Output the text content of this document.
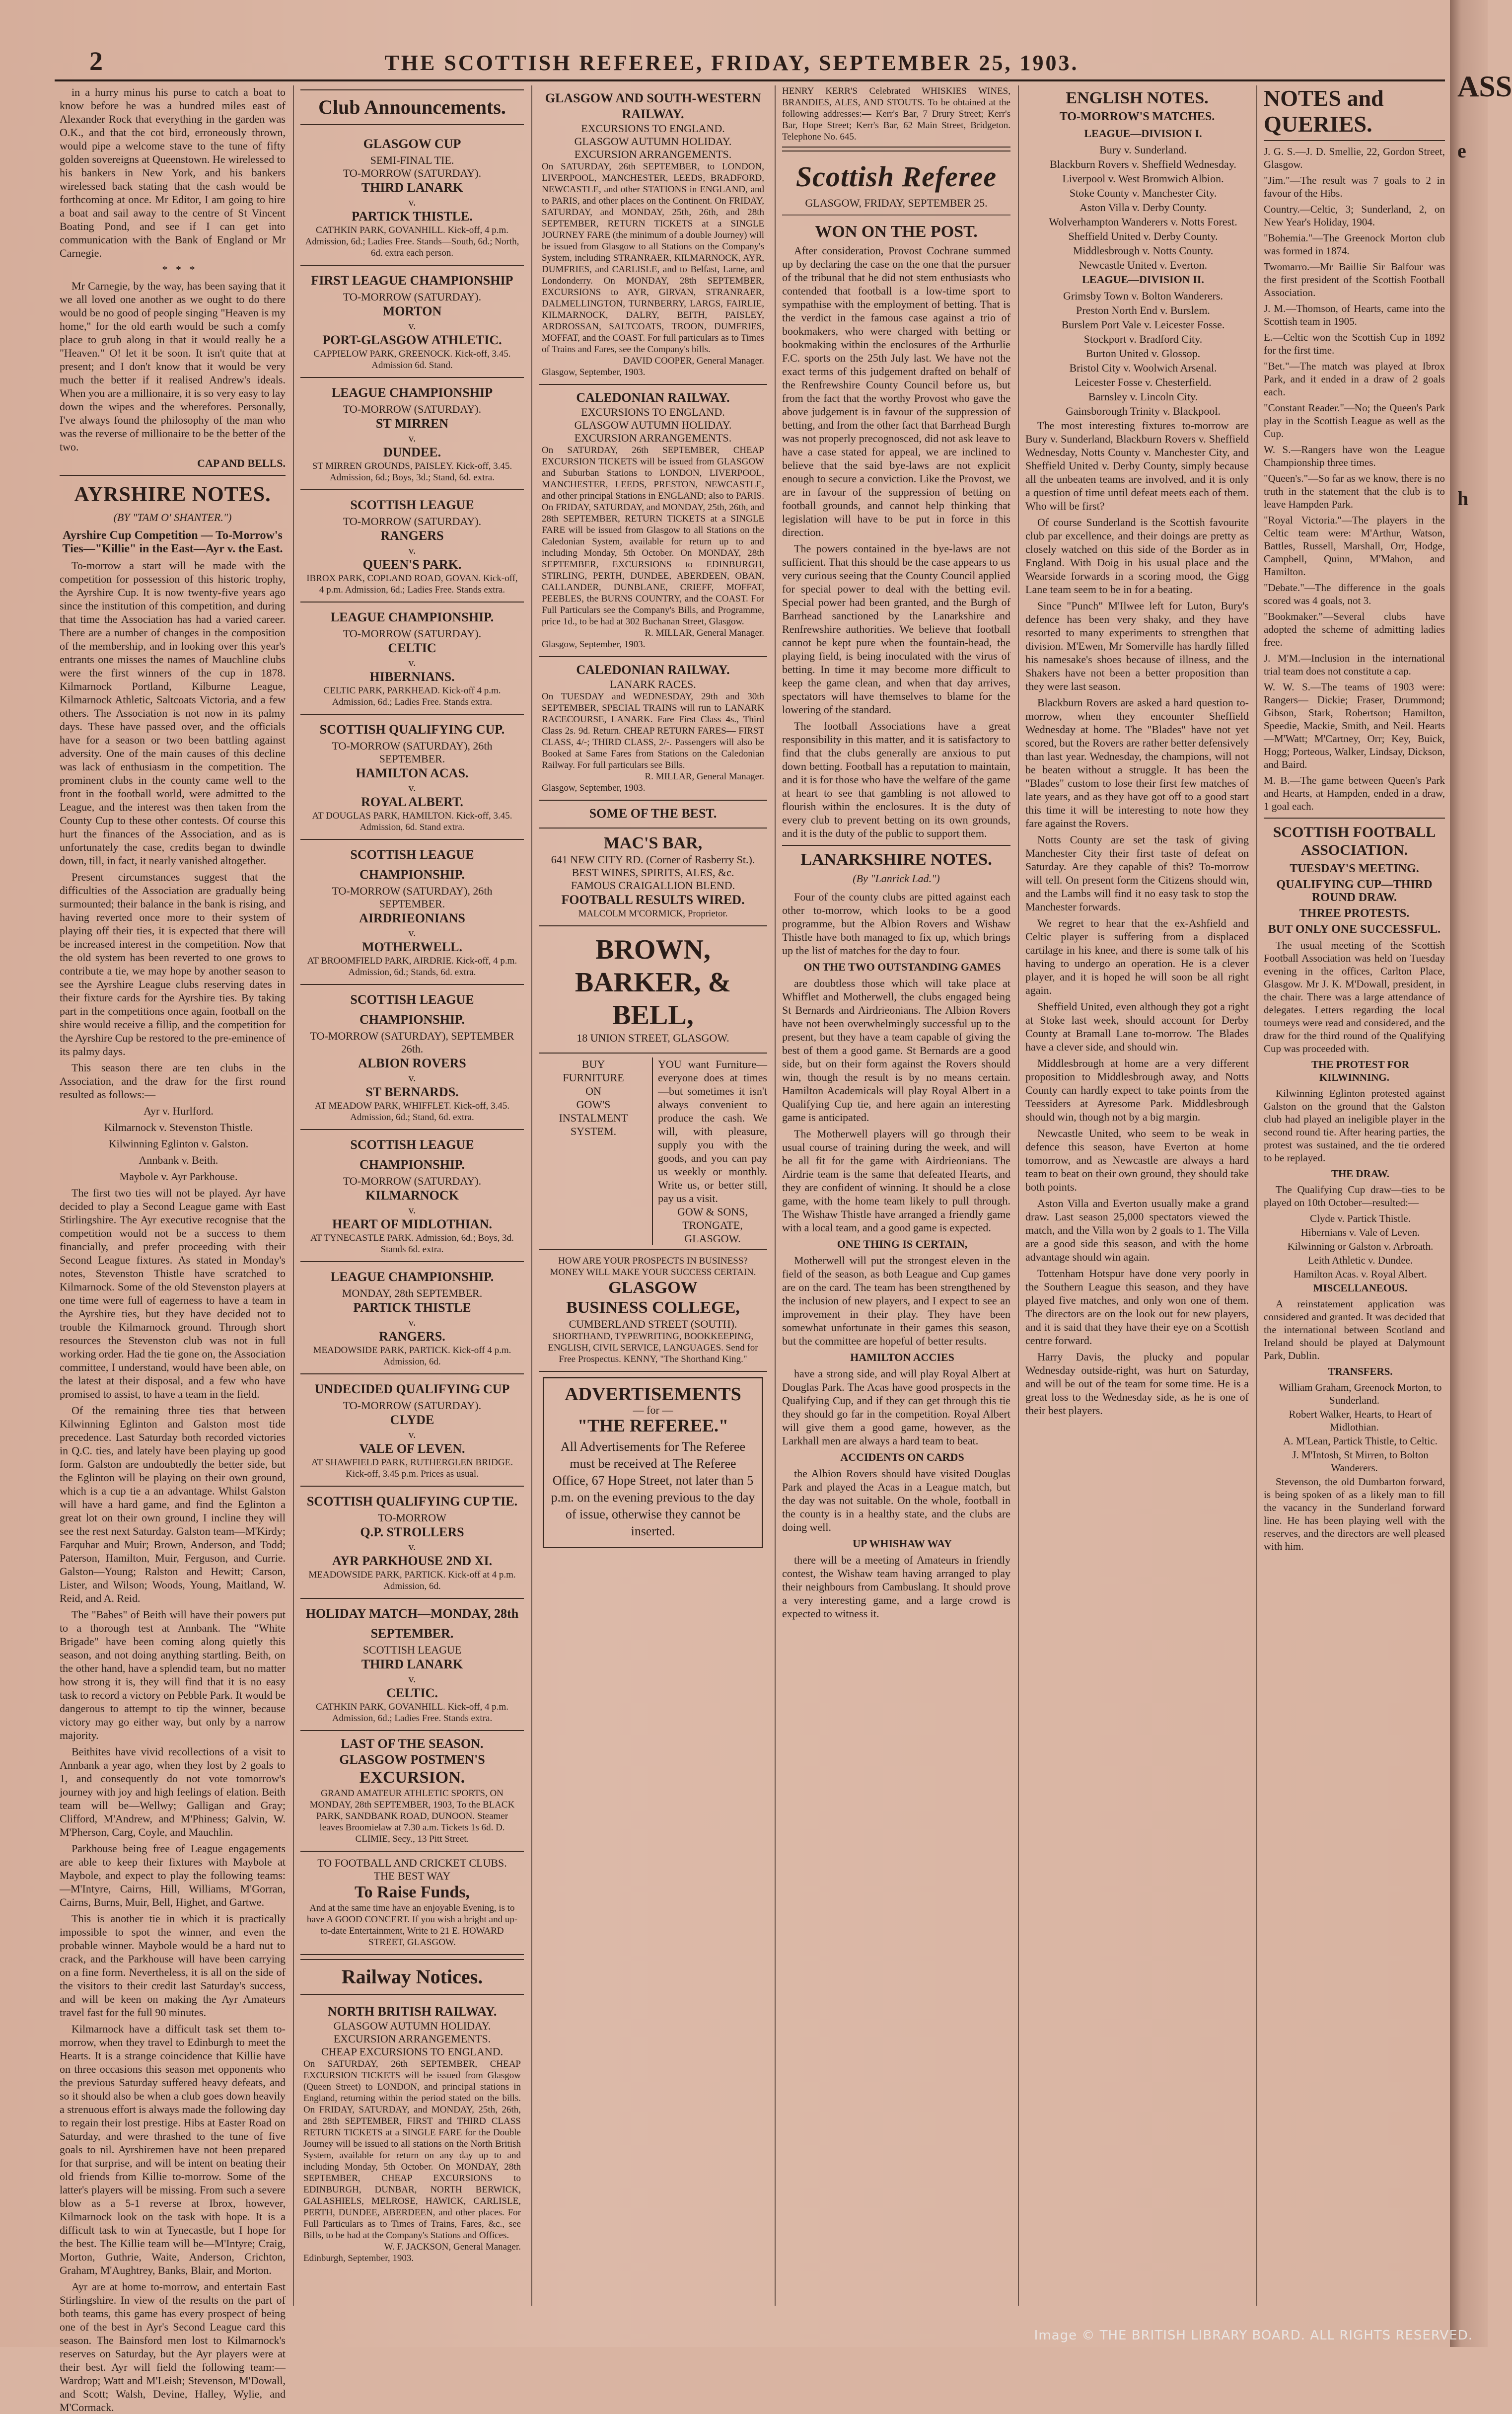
ASS
e
h
2	THE SCOTTISH REFEREE, FRIDAY, SEPTEMBER 25, 1903.

in a hurry minus his purse to catch a boat to know before he was a hundred miles east of Alexander Rock that everything in the garden was O.K., and that the cot bird, erroneously thrown, would pipe a welcome stave to the tune of fifty golden sovereigns at Queenstown. He wirelessed to his bankers in New York, and his bankers wirelessed back stating that the cash would be forthcoming at once. Mr Editor, I am going to hire a boat and sail away to the centre of St Vincent Boating Pond, and see if I can get into communication with the Bank of England or Mr Carnegie.

*   *   *

Mr Carnegie, by the way, has been saying that it we all loved one another as we ought to do there would be no good of people singing "Heaven is my home," for the old earth would be such a comfy place to grub along in that it would really be a "Heaven." O! let it be soon. It isn't quite that at present; and I don't know that it would be very much the better if it realised Andrew's ideals. When you are a millionaire, it is so very easy to lay down the wipes and the wherefores. Personally, I've always found the philosophy of the man who was the reverse of millionaire to be the better of the two.

CAP AND BELLS.

AYRSHIRE NOTES.
(BY "TAM O' SHANTER.")
Ayrshire Cup Competition — To-Morrow's Ties—"Killie" in the East—Ayr v. the East.

To-morrow a start will be made with the competition for possession of this historic trophy, the Ayrshire Cup. It is now twenty-five years ago since the institution of this competition, and during that time the Association has had a varied career. There are a number of changes in the composition of the membership, and in looking over this year's entrants one misses the names of Mauchline clubs were the first winners of the cup in 1878. Kilmarnock Portland, Kilburne League, Kilmarnock Athletic, Saltcoats Victoria, and a few others. The Association is not now in its palmy days. These have passed over, and the officials have for a season or two been battling against adversity. One of the main causes of this decline was lack of enthusiasm in the competition. The prominent clubs in the county came well to the front in the football world, were admitted to the League, and the interest was then taken from the County Cup to these other contests. Of course this hurt the finances of the Association, and as is unfortunately the case, credits began to dwindle down, till, in fact, it nearly vanished altogether.

Present circumstances suggest that the difficulties of the Association are gradually being surmounted; their balance in the bank is rising, and having reverted once more to their system of playing off their ties, it is expected that there will be increased interest in the competition. Now that the old system has been reverted to one grows to contribute a tie, we may hope by another season to see the Ayrshire League clubs reserving dates in their fixture cards for the Ayrshire ties. By taking part in the competitions once again, football on the shire would receive a fillip, and the competition for the Ayrshire Cup be restored to the pre-eminence of its palmy days.

This season there are ten clubs in the Association, and the draw for the first round resulted as follows:—

Ayr v. Hurlford.

Kilmarnock v. Stevenston Thistle.

Kilwinning Eglinton v. Galston.

Annbank v. Beith.

Maybole v. Ayr Parkhouse.

The first two ties will not be played. Ayr have decided to play a Second League game with East Stirlingshire. The Ayr executive recognise that the competition would not be a success to them financially, and prefer proceeding with their Second League fixtures. As stated in Monday's notes, Stevenston Thistle have scratched to Kilmarnock. Some of the old Stevenston players at one time were full of eagerness to have a team in the Ayrshire ties, but they have decided not to trouble the Kilmarnock ground. Through short resources the Stevenston club was not in full working order. Had the tie gone on, the Association committee, I understand, would have been able, on the latest at their disposal, and a few who have promised to assist, to have a team in the field.

Of the remaining three ties that between Kilwinning Eglinton and Galston most tide precedence. Last Saturday both recorded victories in Q.C. ties, and lately have been playing up good form. Galston are undoubtedly the better side, but the Eglinton will be playing on their own ground, which is a cup tie a an advantage. Whilst Galston will have a hard game, and find the Eglinton a great lot on their own ground, I incline they will see the rest next Saturday. Galston team—M'Kirdy; Farquhar and Muir; Brown, Anderson, and Todd; Paterson, Hamilton, Muir, Ferguson, and Currie. Galston—Young; Ralston and Hewitt; Carson, Lister, and Wilson; Woods, Young, Maitland, W. Reid, and A. Reid.

The "Babes" of Beith will have their powers put to a thorough test at Annbank. The "White Brigade" have been coming along quietly this season, and not doing anything startling. Beith, on the other hand, have a splendid team, but no matter how strong it is, they will find that it is no easy task to record a victory on Pebble Park. It would be dangerous to attempt to tip the winner, because victory may go either way, but only by a narrow majority.

Beithites have vivid recollections of a visit to Annbank a year ago, when they lost by 2 goals to 1, and consequently do not vote tomorrow's journey with joy and high feelings of elation. Beith team will be—Wellwy; Galligan and Gray; Clifford, M'Andrew, and M'Phiness; Galvin, W. M'Pherson, Carg, Coyle, and Mauchlin.

Parkhouse being free of League engagements are able to keep their fixtures with Maybole at Maybole, and expect to play the following teams:—M'Intyre, Cairns, Hill, Williams, M'Gorran, Cairns, Burns, Muir, Bell, Highet, and Gartwe.

This is another tie in which it is practically impossible to spot the winner, and even the probable winner. Maybole would be a hard nut to crack, and the Parkhouse will have been carrying on a fine form. Nevertheless, it is all on the side of the visitors to their credit last Saturday's success, and will be keen on making the Ayr Amateurs travel fast for the full 90 minutes.

Kilmarnock have a difficult task set them to-morrow, when they travel to Edinburgh to meet the Hearts. It is a strange coincidence that Killie have on three occasions this season met opponents who the previous Saturday suffered heavy defeats, and so it should also be when a club goes down heavily a strenuous effort is always made the following day to regain their lost prestige. Hibs at Easter Road on Saturday, and were thrashed to the tune of five goals to nil. Ayrshiremen have not been prepared for that surprise, and will be intent on beating their old friends from Killie to-morrow. Some of the latter's players will be missing. From such a severe blow as a 5-1 reverse at Ibrox, however, Kilmarnock look on the task with hope. It is a difficult task to win at Tynecastle, but I hope for the best. The Killie team will be—M'Intyre; Craig, Morton, Guthrie, Waite, Anderson, Crichton, Graham, M'Aughtrey, Banks, Blair, and Morton.

Ayr are at home to-morrow, and entertain East Stirlingshire. In view of the results on the part of both teams, this game has every prospect of being one of the best in Ayr's Second League card this season. The Bainsford men lost to Kilmarnock's reserves on Saturday, but the Ayr players were at their best. Ayr will field the following team:—Wardrop; Watt and M'Leish; Stevenson, M'Dowall, and Scott; Walsh, Devine, Halley, Wylie, and M'Cormack.

Club Announcements.
GLASGOW CUP
SEMI-FINAL TIE.
TO-MORROW (SATURDAY).
THIRD LANARK
v.
PARTICK THISTLE.
CATHKIN PARK, GOVANHILL. Kick-off, 4 p.m. Admission, 6d.; Ladies Free. Stands—South, 6d.; North, 6d. extra each person.
FIRST LEAGUE CHAMPIONSHIP
TO-MORROW (SATURDAY).
MORTON
v.
PORT-GLASGOW ATHLETIC.
CAPPIELOW PARK, GREENOCK. Kick-off, 3.45. Admission 6d. Stand.
LEAGUE CHAMPIONSHIP
TO-MORROW (SATURDAY).
ST MIRREN
v.
DUNDEE.
ST MIRREN GROUNDS, PAISLEY. Kick-off, 3.45. Admission, 6d.; Boys, 3d.; Stand, 6d. extra.
SCOTTISH LEAGUE
TO-MORROW (SATURDAY).
RANGERS
v.
QUEEN'S PARK.
IBROX PARK, COPLAND ROAD, GOVAN. Kick-off, 4 p.m. Admission, 6d.; Ladies Free. Stands extra.
LEAGUE CHAMPIONSHIP.
TO-MORROW (SATURDAY).
CELTIC
v.
HIBERNIANS.
CELTIC PARK, PARKHEAD. Kick-off 4 p.m. Admission, 6d.; Ladies Free. Stands extra.
SCOTTISH QUALIFYING CUP.
TO-MORROW (SATURDAY), 26th SEPTEMBER.
HAMILTON ACAS.
v.
ROYAL ALBERT.
AT DOUGLAS PARK, HAMILTON. Kick-off, 3.45. Admission, 6d. Stand extra.
SCOTTISH LEAGUE CHAMPIONSHIP.
TO-MORROW (SATURDAY), 26th SEPTEMBER.
AIRDRIEONIANS
v.
MOTHERWELL.
AT BROOMFIELD PARK, AIRDRIE. Kick-off, 4 p.m. Admission, 6d.; Stands, 6d. extra.
SCOTTISH LEAGUE CHAMPIONSHIP.
TO-MORROW (SATURDAY), SEPTEMBER 26th.
ALBION ROVERS
v.
ST BERNARDS.
AT MEADOW PARK, WHIFFLET. Kick-off, 3.45. Admission, 6d.; Stand, 6d. extra.
SCOTTISH LEAGUE CHAMPIONSHIP.
TO-MORROW (SATURDAY).
KILMARNOCK
v.
HEART OF MIDLOTHIAN.
AT TYNECASTLE PARK. Admission, 6d.; Boys, 3d. Stands 6d. extra.
LEAGUE CHAMPIONSHIP.
MONDAY, 28th SEPTEMBER.
PARTICK THISTLE
v.
RANGERS.
MEADOWSIDE PARK, PARTICK. Kick-off 4 p.m. Admission, 6d.
UNDECIDED QUALIFYING CUP
TO-MORROW (SATURDAY).
CLYDE
v.
VALE OF LEVEN.
AT SHAWFIELD PARK, RUTHERGLEN BRIDGE. Kick-off, 3.45 p.m. Prices as usual.
SCOTTISH QUALIFYING CUP TIE.
TO-MORROW
Q.P. STROLLERS
v.
AYR PARKHOUSE 2ND XI.
MEADOWSIDE PARK, PARTICK. Kick-off at 4 p.m. Admission, 6d.
HOLIDAY MATCH—MONDAY, 28th SEPTEMBER.
SCOTTISH LEAGUE
THIRD LANARK
v.
CELTIC.
CATHKIN PARK, GOVANHILL. Kick-off, 4 p.m. Admission, 6d.; Ladies Free. Stands extra.
LAST OF THE SEASON.
GLASGOW POSTMEN'S
EXCURSION.
GRAND AMATEUR ATHLETIC SPORTS, ON MONDAY, 28th SEPTEMBER, 1903, To the BLACK PARK, SANDBANK ROAD, DUNOON. Steamer leaves Broomielaw at 7.30 a.m. Tickets 1s 6d. D. CLIMIE, Secy., 13 Pitt Street.
TO FOOTBALL AND CRICKET CLUBS.
THE BEST WAY
To Raise Funds,
And at the same time have an enjoyable Evening, is to have A GOOD CONCERT. If you wish a bright and up-to-date Entertainment, Write to 21 E. HOWARD STREET, GLASGOW.
Railway Notices.
NORTH BRITISH RAILWAY.
GLASGOW AUTUMN HOLIDAY.
EXCURSION ARRANGEMENTS.
CHEAP EXCURSIONS TO ENGLAND.
On SATURDAY, 26th SEPTEMBER, CHEAP EXCURSION TICKETS will be issued from Glasgow (Queen Street) to LONDON, and principal stations in England, returning within the period stated on the bills. On FRIDAY, SATURDAY, and MONDAY, 25th, 26th, and 28th SEPTEMBER, FIRST and THIRD CLASS RETURN TICKETS at a SINGLE FARE for the Double Journey will be issued to all stations on the North British System, available for return on any day up to and including Monday, 5th October. On MONDAY, 28th SEPTEMBER, CHEAP EXCURSIONS to EDINBURGH, DUNBAR, NORTH BERWICK, GALASHIELS, MELROSE, HAWICK, CARLISLE, PERTH, DUNDEE, ABERDEEN, and other places. For Full Particulars as to Times of Trains, Fares, &c., see Bills, to be had at the Company's Stations and Offices.
W. F. JACKSON, General Manager.
Edinburgh, September, 1903.
GLASGOW AND SOUTH-WESTERN RAILWAY.
EXCURSIONS TO ENGLAND.
GLASGOW AUTUMN HOLIDAY.
EXCURSION ARRANGEMENTS.
On SATURDAY, 26th SEPTEMBER, to LONDON, LIVERPOOL, MANCHESTER, LEEDS, BRADFORD, NEWCASTLE, and other STATIONS in ENGLAND, and to PARIS, and other places on the Continent. On FRIDAY, SATURDAY, and MONDAY, 25th, 26th, and 28th SEPTEMBER, RETURN TICKETS at a SINGLE JOURNEY FARE (the minimum of a double Journey) will be issued from Glasgow to all Stations on the Company's System, including STRANRAER, KILMARNOCK, AYR, DUMFRIES, and CARLISLE, and to Belfast, Larne, and Londonderry. On MONDAY, 28th SEPTEMBER, EXCURSIONS to AYR, GIRVAN, STRANRAER, DALMELLINGTON, TURNBERRY, LARGS, FAIRLIE, KILMARNOCK, DALRY, BEITH, PAISLEY, ARDROSSAN, SALTCOATS, TROON, DUMFRIES, MOFFAT, and the COAST. For full particulars as to Times of Trains and Fares, see the Company's bills.
DAVID COOPER, General Manager.
Glasgow, September, 1903.
CALEDONIAN RAILWAY.
EXCURSIONS TO ENGLAND.
GLASGOW AUTUMN HOLIDAY.
EXCURSION ARRANGEMENTS.
On SATURDAY, 26th SEPTEMBER, CHEAP EXCURSION TICKETS will be issued from GLASGOW and Suburban Stations to LONDON, LIVERPOOL, MANCHESTER, LEEDS, PRESTON, NEWCASTLE, and other principal Stations in ENGLAND; also to PARIS. On FRIDAY, SATURDAY, and MONDAY, 25th, 26th, and 28th SEPTEMBER, RETURN TICKETS at a SINGLE FARE will be issued from Glasgow to all Stations on the Caledonian System, available for return up to and including Monday, 5th October. On MONDAY, 28th SEPTEMBER, EXCURSIONS to EDINBURGH, STIRLING, PERTH, DUNDEE, ABERDEEN, OBAN, CALLANDER, DUNBLANE, CRIEFF, MOFFAT, PEEBLES, the BURNS COUNTRY, and the COAST. For Full Particulars see the Company's Bills, and Programme, price 1d., to be had at 302 Buchanan Street, Glasgow.
R. MILLAR, General Manager.
Glasgow, September, 1903.
CALEDONIAN RAILWAY.
LANARK RACES.
On TUESDAY and WEDNESDAY, 29th and 30th SEPTEMBER, SPECIAL TRAINS will run to LANARK RACECOURSE, LANARK. Fare First Class 4s., Third Class 2s. 9d. Return. CHEAP RETURN FARES— FIRST CLASS, 4/-; THIRD CLASS, 2/-. Passengers will also be Booked at Same Fares from Stations on the Caledonian Railway. For full particulars see Bills.
R. MILLAR, General Manager.
Glasgow, September, 1903.
SOME OF THE BEST.
MAC'S BAR,
641 NEW CITY RD. (Corner of Rasberry St.).
BEST WINES, SPIRITS, ALES, &c.
FAMOUS CRAIGALLION BLEND.
FOOTBALL RESULTS WIRED.
MALCOLM M'CORMICK, Proprietor.
BROWN,
BARKER, & BELL,
18 UNION STREET, GLASGOW.
BUY
FURNITURE
ON
GOW'S
INSTALMENT
SYSTEM.
YOU want Furniture—everyone does at times—but sometimes it isn't always convenient to produce the cash. We will, with pleasure, supply you with the goods, and you can pay us weekly or monthly. Write us, or better still, pay us a visit.
GOW & SONS,
TRONGATE,
GLASGOW.
HOW ARE YOUR PROSPECTS IN BUSINESS? MONEY WILL MAKE YOUR SUCCESS CERTAIN.
GLASGOW
BUSINESS COLLEGE,
CUMBERLAND STREET (SOUTH).
SHORTHAND, TYPEWRITING, BOOKKEEPING, ENGLISH, CIVIL SERVICE, LANGUAGES. Send for Free Prospectus. KENNY, "The Shorthand King."
ADVERTISEMENTS
— for —
"THE REFEREE."
All Advertisements for The Referee must be received at The Referee Office, 67 Hope Street, not later than 5 p.m. on the evening previous to the day of issue, otherwise they cannot be inserted.
HENRY KERR'S Celebrated WHISKIES WINES, BRANDIES, ALES, AND STOUTS. To be obtained at the following addresses:— Kerr's Bar, 7 Drury Street; Kerr's Bar, Hope Street; Kerr's Bar, 62 Main Street, Bridgeton. Telephone No. 645.
Scottish Referee
GLASGOW, FRIDAY, SEPTEMBER 25.
WON ON THE POST.

After consideration, Provost Cochrane summed up by declaring the case on the one that the pursuer of the tribunal that he did not stem enthusiasts who contended that football is a low-time sport to sympathise with the employment of betting. That is the verdict in the famous case against a trio of bookmakers, who were charged with betting or bookmaking within the enclosures of the Arthurlie F.C. sports on the 25th July last. We have not the exact terms of this judgement drafted on behalf of the Renfrewshire County Council before us, but from the fact that the worthy Provost who gave the above judgement is in favour of the suppression of betting, and from the other fact that Barrhead Burgh was not properly precognosced, did not ask leave to have a case stated for appeal, we are inclined to believe that the said bye-laws are not explicit enough to secure a conviction. Like the Provost, we are in favour of the suppression of betting on football grounds, and cannot help thinking that legislation will have to be put in force in this direction.

The powers contained in the bye-laws are not sufficient. That this should be the case appears to us very curious seeing that the County Council applied for special power to deal with the betting evil. Special power had been granted, and the Burgh of Barrhead sanctioned by the Lanarkshire and Renfrewshire authorities. We believe that football cannot be kept pure when the fountain-head, the playing field, is being inoculated with the virus of betting. In time it may become more difficult to keep the game clean, and when that day arrives, spectators will have themselves to blame for the lowering of the standard.

The football Associations have a great responsibility in this matter, and it is satisfactory to find that the clubs generally are anxious to put down betting. Football has a reputation to maintain, and it is for those who have the welfare of the game at heart to see that gambling is not allowed to flourish within the enclosures. It is the duty of every club to prevent betting on its own grounds, and it is the duty of the public to support them.

LANARKSHIRE NOTES.
(By "Lanrick Lad.")

Four of the county clubs are pitted against each other to-morrow, which looks to be a good programme, but the Albion Rovers and Wishaw Thistle have both managed to fix up, which brings up the list of matches for the day to four.

ON THE TWO OUTSTANDING GAMES

are doubtless those which will take place at Whifflet and Motherwell, the clubs engaged being St Bernards and Airdrieonians. The Albion Rovers have not been overwhelmingly successful up to the present, but they have a team capable of giving the best of them a good game. St Bernards are a good side, but on their form against the Rovers should win, though the result is by no means certain. Hamilton Academicals will play Royal Albert in a Qualifying Cup tie, and here again an interesting game is anticipated.

The Motherwell players will go through their usual course of training during the week, and will be all fit for the game with Airdrieonians. The Airdrie team is the same that defeated Hearts, and they are confident of winning. It should be a close game, with the home team likely to pull through. The Wishaw Thistle have arranged a friendly game with a local team, and a good game is expected.

ONE THING IS CERTAIN,

Motherwell will put the strongest eleven in the field of the season, as both League and Cup games are on the card. The team has been strengthened by the inclusion of new players, and I expect to see an improvement in their play. They have been somewhat unfortunate in their games this season, but the committee are hopeful of better results.

HAMILTON ACCIES

have a strong side, and will play Royal Albert at Douglas Park. The Acas have good prospects in the Qualifying Cup, and if they can get through this tie they should go far in the competition. Royal Albert will give them a good game, however, as the Larkhall men are always a hard team to beat.

ACCIDENTS ON CARDS

the Albion Rovers should have visited Douglas Park and played the Acas in a League match, but the day was not suitable. On the whole, football in the county is in a healthy state, and the clubs are doing well.

UP WHISHAW WAY

there will be a meeting of Amateurs in friendly contest, the Wishaw team having arranged to play their neighbours from Cambuslang. It should prove a very interesting game, and a large crowd is expected to witness it.

ENGLISH NOTES.
TO-MORROW'S MATCHES.

LEAGUE—DIVISION I.

Bury v. Sunderland.

Blackburn Rovers v. Sheffield Wednesday.

Liverpool v. West Bromwich Albion.

Stoke County v. Manchester City.

Aston Villa v. Derby County.

Wolverhampton Wanderers v. Notts Forest.

Sheffield United v. Derby County.

Middlesbrough v. Notts County.

Newcastle United v. Everton.

LEAGUE—DIVISION II.

Grimsby Town v. Bolton Wanderers.

Preston North End v. Burslem.

Burslem Port Vale v. Leicester Fosse.

Stockport v. Bradford City.

Burton United v. Glossop.

Bristol City v. Woolwich Arsenal.

Leicester Fosse v. Chesterfield.

Barnsley v. Lincoln City.

Gainsborough Trinity v. Blackpool.

The most interesting fixtures to-morrow are Bury v. Sunderland, Blackburn Rovers v. Sheffield Wednesday, Notts County v. Manchester City, and Sheffield United v. Derby County, simply because all the unbeaten teams are involved, and it is only a question of time until defeat meets each of them. Who will be first?

Of course Sunderland is the Scottish favourite club par excellence, and their doings are pretty as closely watched on this side of the Border as in England. With Doig in his usual place and the Wearside forwards in a scoring mood, the Gigg Lane team seem to be in for a beating.

Since "Punch" M'Ilwee left for Luton, Bury's defence has been very shaky, and they have resorted to many experiments to strengthen that division. M'Ewen, Mr Somerville has hardly filled his namesake's shoes because of illness, and the Shakers have not been a better proposition than they were last season.

Blackburn Rovers are asked a hard question to-morrow, when they encounter Sheffield Wednesday at home. The "Blades" have not yet scored, but the Rovers are rather better defensively than last year. Wednesday, the champions, will not be beaten without a struggle. It has been the "Blades" custom to lose their first few matches of late years, and as they have got off to a good start this time it will be interesting to note how they fare against the Rovers.

Notts County are set the task of giving Manchester City their first taste of defeat on Saturday. Are they capable of this? To-morrow will tell. On present form the Citizens should win, and the Lambs will find it no easy task to stop the Manchester forwards.

We regret to hear that the ex-Ashfield and Celtic player is suffering from a displaced cartilage in his knee, and there is some talk of his having to undergo an operation. He is a clever player, and it is hoped he will soon be all right again.

Sheffield United, even although they got a right at Stoke last week, should account for Derby County at Bramall Lane to-morrow. The Blades have a clever side, and should win.

Middlesbrough at home are a very different proposition to Middlesbrough away, and Notts County can hardly expect to take points from the Teessiders at Ayresome Park. Middlesbrough should win, though not by a big margin.

Newcastle United, who seem to be weak in defence this season, have Everton at home tomorrow, and as Newcastle are always a hard team to beat on their own ground, they should take both points.

Aston Villa and Everton usually make a grand draw. Last season 25,000 spectators viewed the match, and the Villa won by 2 goals to 1. The Villa are a good side this season, and with the home advantage should win again.

Tottenham Hotspur have done very poorly in the Southern League this season, and they have played five matches, and only won one of them. The directors are on the look out for new players, and it is said that they have their eye on a Scottish centre forward.

Harry Davis, the plucky and popular Wednesday outside-right, was hurt on Saturday, and will be out of the team for some time. He is a great loss to the Wednesday side, as he is one of their best players.

NOTES and QUERIES.

J. G. S.—J. D. Smellie, 22, Gordon Street, Glasgow.

"Jim."—The result was 7 goals to 2 in favour of the Hibs.

Country.—Celtic, 3; Sunderland, 2, on New Year's Holiday, 1904.

"Bohemia."—The Greenock Morton club was formed in 1874.

Twomarro.—Mr Baillie Sir Balfour was the first president of the Scottish Football Association.

J. M.—Thomson, of Hearts, came into the Scottish team in 1905.

E.—Celtic won the Scottish Cup in 1892 for the first time.

"Bet."—The match was played at Ibrox Park, and it ended in a draw of 2 goals each.

"Constant Reader."—No; the Queen's Park play in the Scottish League as well as the Cup.

W. S.—Rangers have won the League Championship three times.

"Queen's."—So far as we know, there is no truth in the statement that the club is to leave Hampden Park.

"Royal Victoria."—The players in the Celtic team were: M'Arthur, Watson, Battles, Russell, Marshall, Orr, Hodge, Campbell, Quinn, M'Mahon, and Hamilton.

"Debate."—The difference in the goals scored was 4 goals, not 3.

"Bookmaker."—Several clubs have adopted the scheme of admitting ladies free.

J. M'M.—Inclusion in the international trial team does not constitute a cap.

W. W. S.—The teams of 1903 were: Rangers— Dickie; Fraser, Drummond; Gibson, Stark, Robertson; Hamilton, Speedie, Mackie, Smith, and Neil. Hearts—M'Watt; M'Cartney, Orr; Key, Buick, Hogg; Porteous, Walker, Lindsay, Dickson, and Baird.

M. B.—The game between Queen's Park and Hearts, at Hampden, ended in a draw, 1 goal each.

SCOTTISH FOOTBALL ASSOCIATION.
TUESDAY'S MEETING.
QUALIFYING CUP—THIRD ROUND DRAW.
THREE PROTESTS.
BUT ONLY ONE SUCCESSFUL.

The usual meeting of the Scottish Football Association was held on Tuesday evening in the offices, Carlton Place, Glasgow. Mr J. K. M'Dowall, president, in the chair. There was a large attendance of delegates. Letters regarding the local tourneys were read and considered, and the draw for the third round of the Qualifying Cup was proceeded with.

THE PROTEST FOR KILWINNING.

Kilwinning Eglinton protested against Galston on the ground that the Galston club had played an ineligible player in the second round tie. After hearing parties, the protest was sustained, and the tie ordered to be replayed.

THE DRAW.

The Qualifying Cup draw—ties to be played on 10th October—resulted:—

Clyde v. Partick Thistle.

Hibernians v. Vale of Leven.

Kilwinning or Galston v. Arbroath.

Leith Athletic v. Dundee.

Hamilton Acas. v. Royal Albert.

MISCELLANEOUS.

A reinstatement application was considered and granted. It was decided that the international between Scotland and Ireland should be played at Dalymount Park, Dublin.

TRANSFERS.

William Graham, Greenock Morton, to Sunderland.

Robert Walker, Hearts, to Heart of Midlothian.

A. M'Lean, Partick Thistle, to Celtic.

J. M'Intosh, St Mirren, to Bolton Wanderers.

Stevenson, the old Dumbarton forward, is being spoken of as a likely man to fill the vacancy in the Sunderland forward line. He has been playing well with the reserves, and the directors are well pleased with him.

Image © THE BRITISH LIBRARY BOARD. ALL RIGHTS RESERVED.
